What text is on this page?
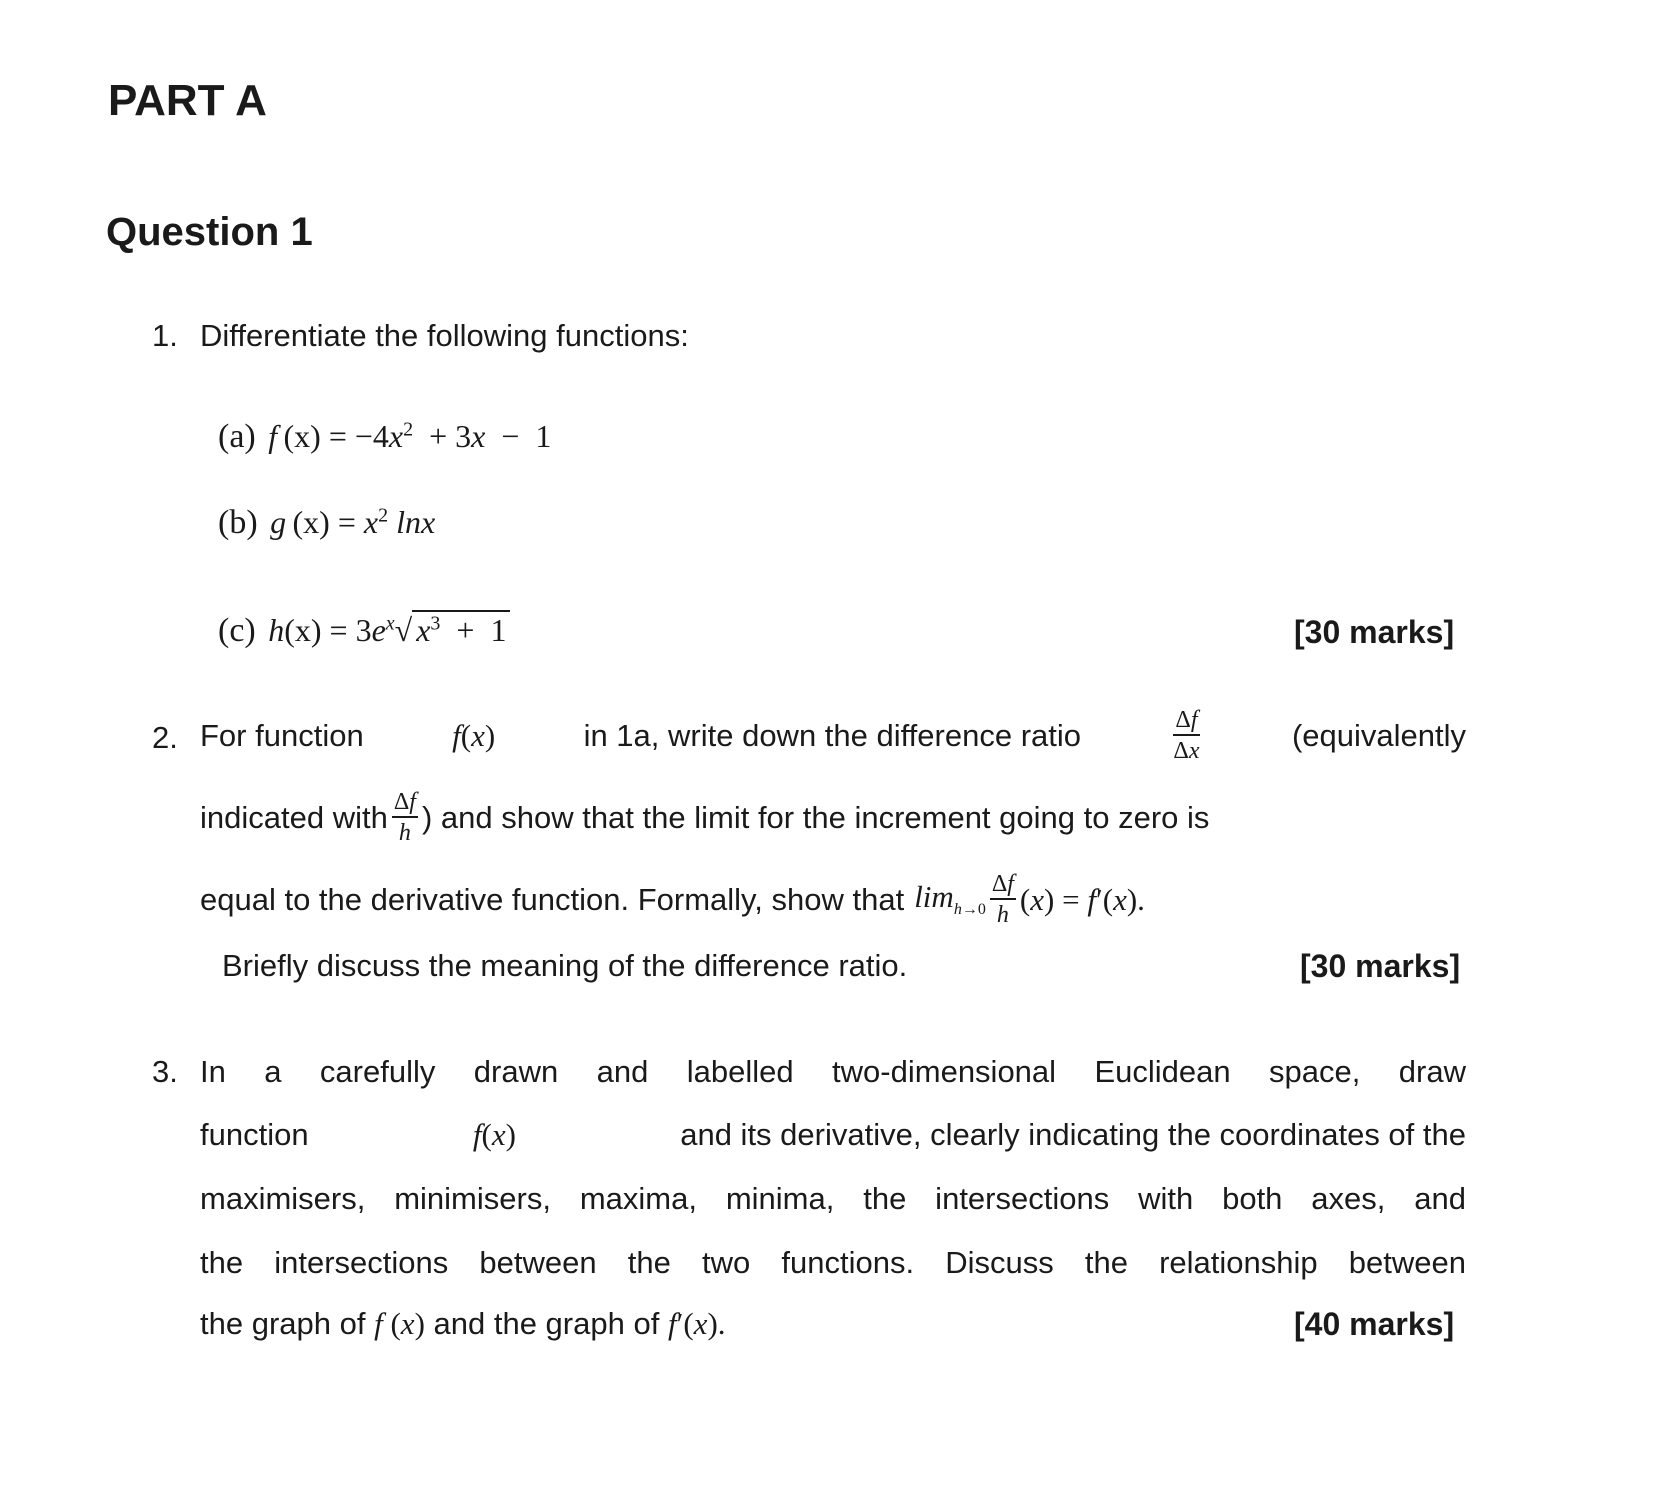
PART A
Question 1
1. Differentiate the following functions:
(a) f $(x) = -4x^2 + 3x - 1$
(b) g $(x) = x^2$ lnx
(c) $h(x) = 3e^x√$ $x^3 + 1$	[30 marks]
2. For function	f(x)	in 1a, write down the difference ratio	$\frac{\Delta f}{\Delta x}$	(equivalently
indicated with $\frac{\Delta f}{h}$ ) and show that the limit for the increment going to zero is
equal to the derivative function. Formally, show that $\lim_{h\to 0} \frac{\Delta f}{h} (x) = f'(x)$.
Briefly discuss the meaning of the difference ratio.	[30 marks]
3. In a carefully drawn and labelled two-dimensional Euclidean space, draw
function	f(x)	and its derivative, clearly indicating the coordinates of the
maximisers, minimisers, maxima, minima, the intersections with both axes, and
the intersections between the two functions. Discuss the relationship between
the graph of f (x) and the graph of f′(x).	[40 marks]
